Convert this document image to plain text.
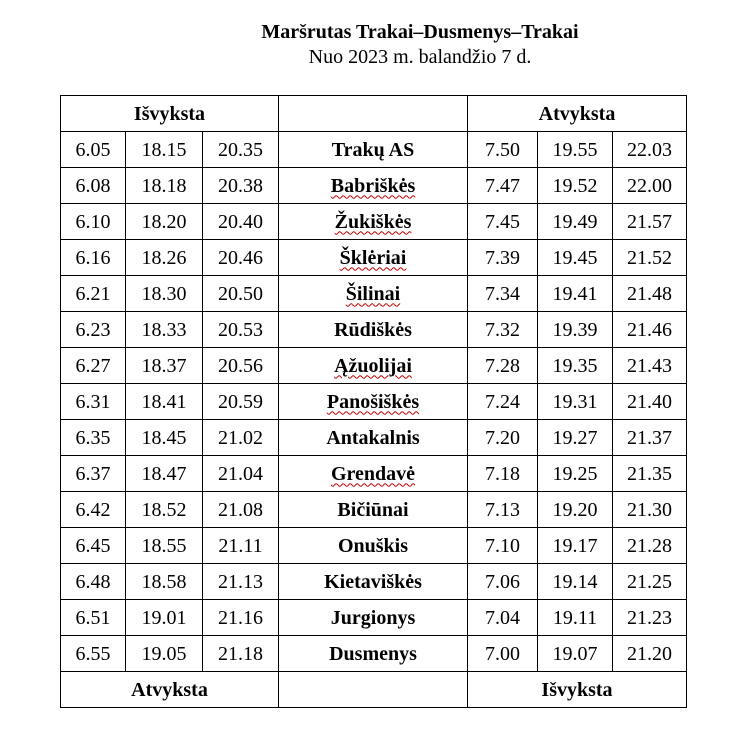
Maršrutas Trakai–Dusmenys–Trakai
Nuo 2023 m. balandžio 7 d.
Išvyksta				Atvyksta		
6.05	18.15	20.35	Trakų AS	7.50	19.55	22.03
6.08	18.18	20.38	Babriškės	7.47	19.52	22.00
6.10	18.20	20.40	Žukiškės	7.45	19.49	21.57
6.16	18.26	20.46	Šklėriai	7.39	19.45	21.52
6.21	18.30	20.50	Šilinai	7.34	19.41	21.48
6.23	18.33	20.53	Rūdiškės	7.32	19.39	21.46
6.27	18.37	20.56	Ąžuolijai	7.28	19.35	21.43
6.31	18.41	20.59	Panošiškės	7.24	19.31	21.40
6.35	18.45	21.02	Antakalnis	7.20	19.27	21.37
6.37	18.47	21.04	Grendavė	7.18	19.25	21.35
6.42	18.52	21.08	Bičiūnai	7.13	19.20	21.30
6.45	18.55	21.11	Onuškis	7.10	19.17	21.28
6.48	18.58	21.13	Kietaviškės	7.06	19.14	21.25
6.51	19.01	21.16	Jurgionys	7.04	19.11	21.23
6.55	19.05	21.18	Dusmenys	7.00	19.07	21.20
Atvyksta				Išvyksta		
